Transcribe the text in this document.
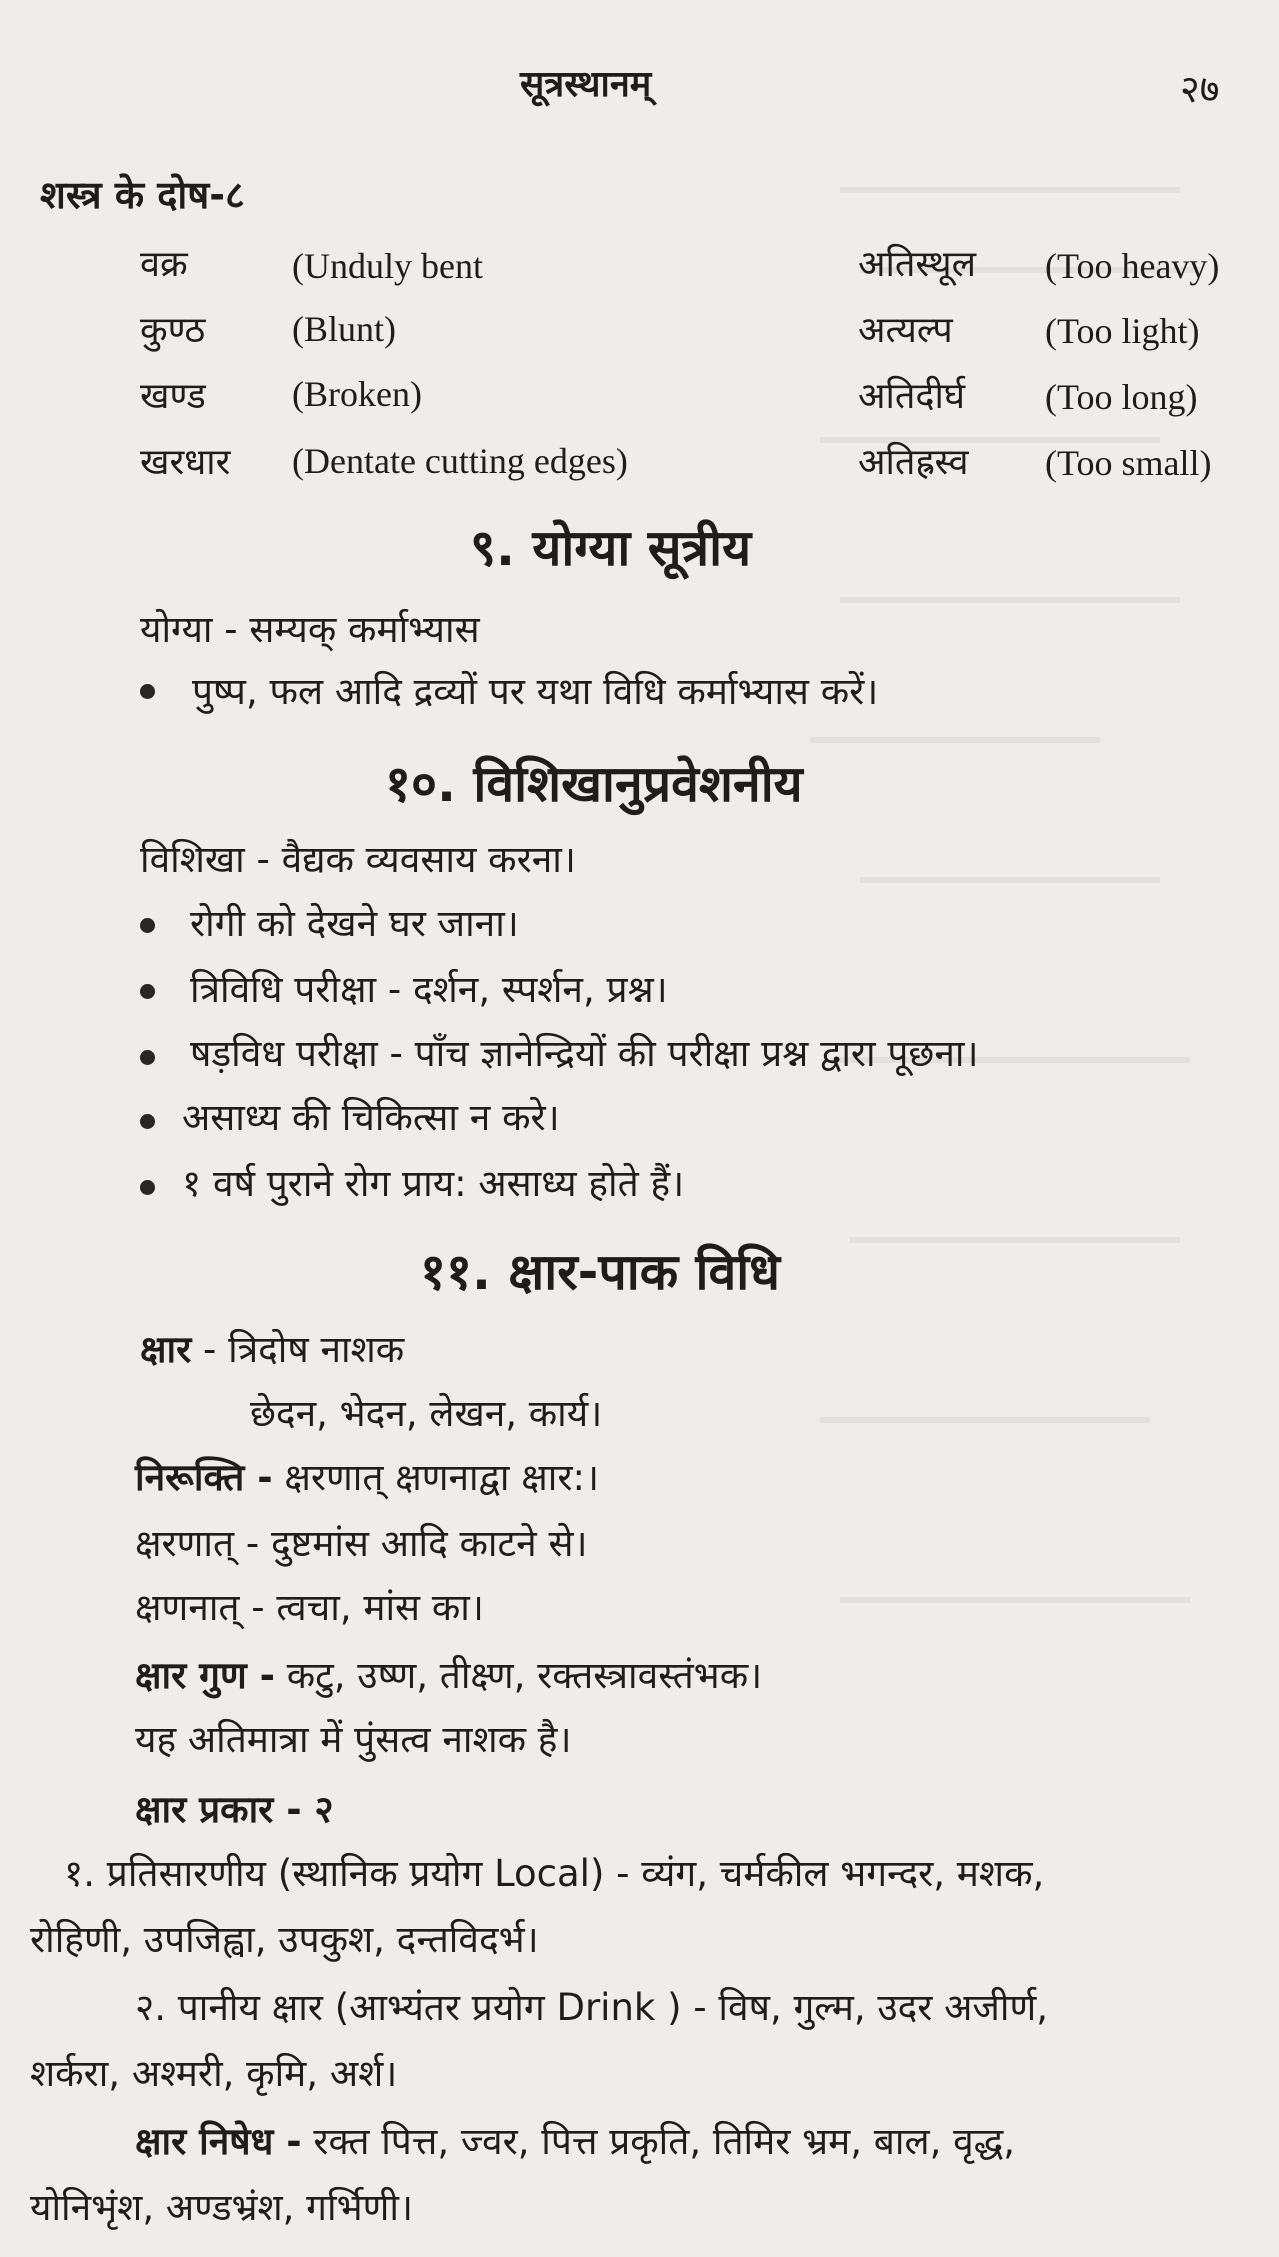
सूत्रस्थानम्	२७
शस्त्र के दोष-८
वक्र	(Unduly bent	अतिस्थूल (Too heavy)
कुण्ठ (Blunt)	अत्यल्प	(Too light)
खण्ड (Broken)	अतिदीर्घ (Too long)
खरधार (Dentate cutting edges)	अतिह्रस्व (Too small)
९. योग्या सूत्रीय
योग्या - सम्यक् कर्माभ्यास
पुष्प, फल आदि द्रव्यों पर यथा विधि कर्माभ्यास करें।
१०. विशिखानुप्रवेशनीय
विशिखा - वैद्यक व्यवसाय करना।
रोगी को देखने घर जाना।
त्रिविधि परीक्षा - दर्शन, स्पर्शन, प्रश्न।
षड़विध परीक्षा - पाँच ज्ञानेन्द्रियों की परीक्षा प्रश्न द्वारा पूछना।
असाध्य की चिकित्सा न करे।
१ वर्ष पुराने रोग प्राय: असाध्य होते हैं।
११. क्षार-पाक विधि
क्षार - त्रिदोष नाशक
छेदन, भेदन, लेखन, कार्य।
निरूक्ति - क्षरणात् क्षणनाद्वा क्षार:।
क्षरणात् - दुष्टमांस आदि काटने से।
क्षणनात् - त्वचा, मांस का।
क्षार गुण - कटु, उष्ण, तीक्ष्ण, रक्तस्त्रावस्तंभक।
यह अतिमात्रा में पुंसत्व नाशक है।
क्षार प्रकार - २
१. प्रतिसारणीय (स्थानिक प्रयोग Local) - व्यंग, चर्मकील भगन्दर, मशक,
रोहिणी, उपजिह्वा, उपकुश, दन्तविदर्भ।
२. पानीय क्षार (आभ्यंतर प्रयोग Drink ) - विष, गुल्म, उदर अजीर्ण,
शर्करा, अश्मरी, कृमि, अर्श।
क्षार निषेध - रक्त पित्त, ज्वर, पित्त प्रकृति, तिमिर भ्रम, बाल, वृद्ध,
योनिभृंश, अण्डभ्रंश, गर्भिणी।
